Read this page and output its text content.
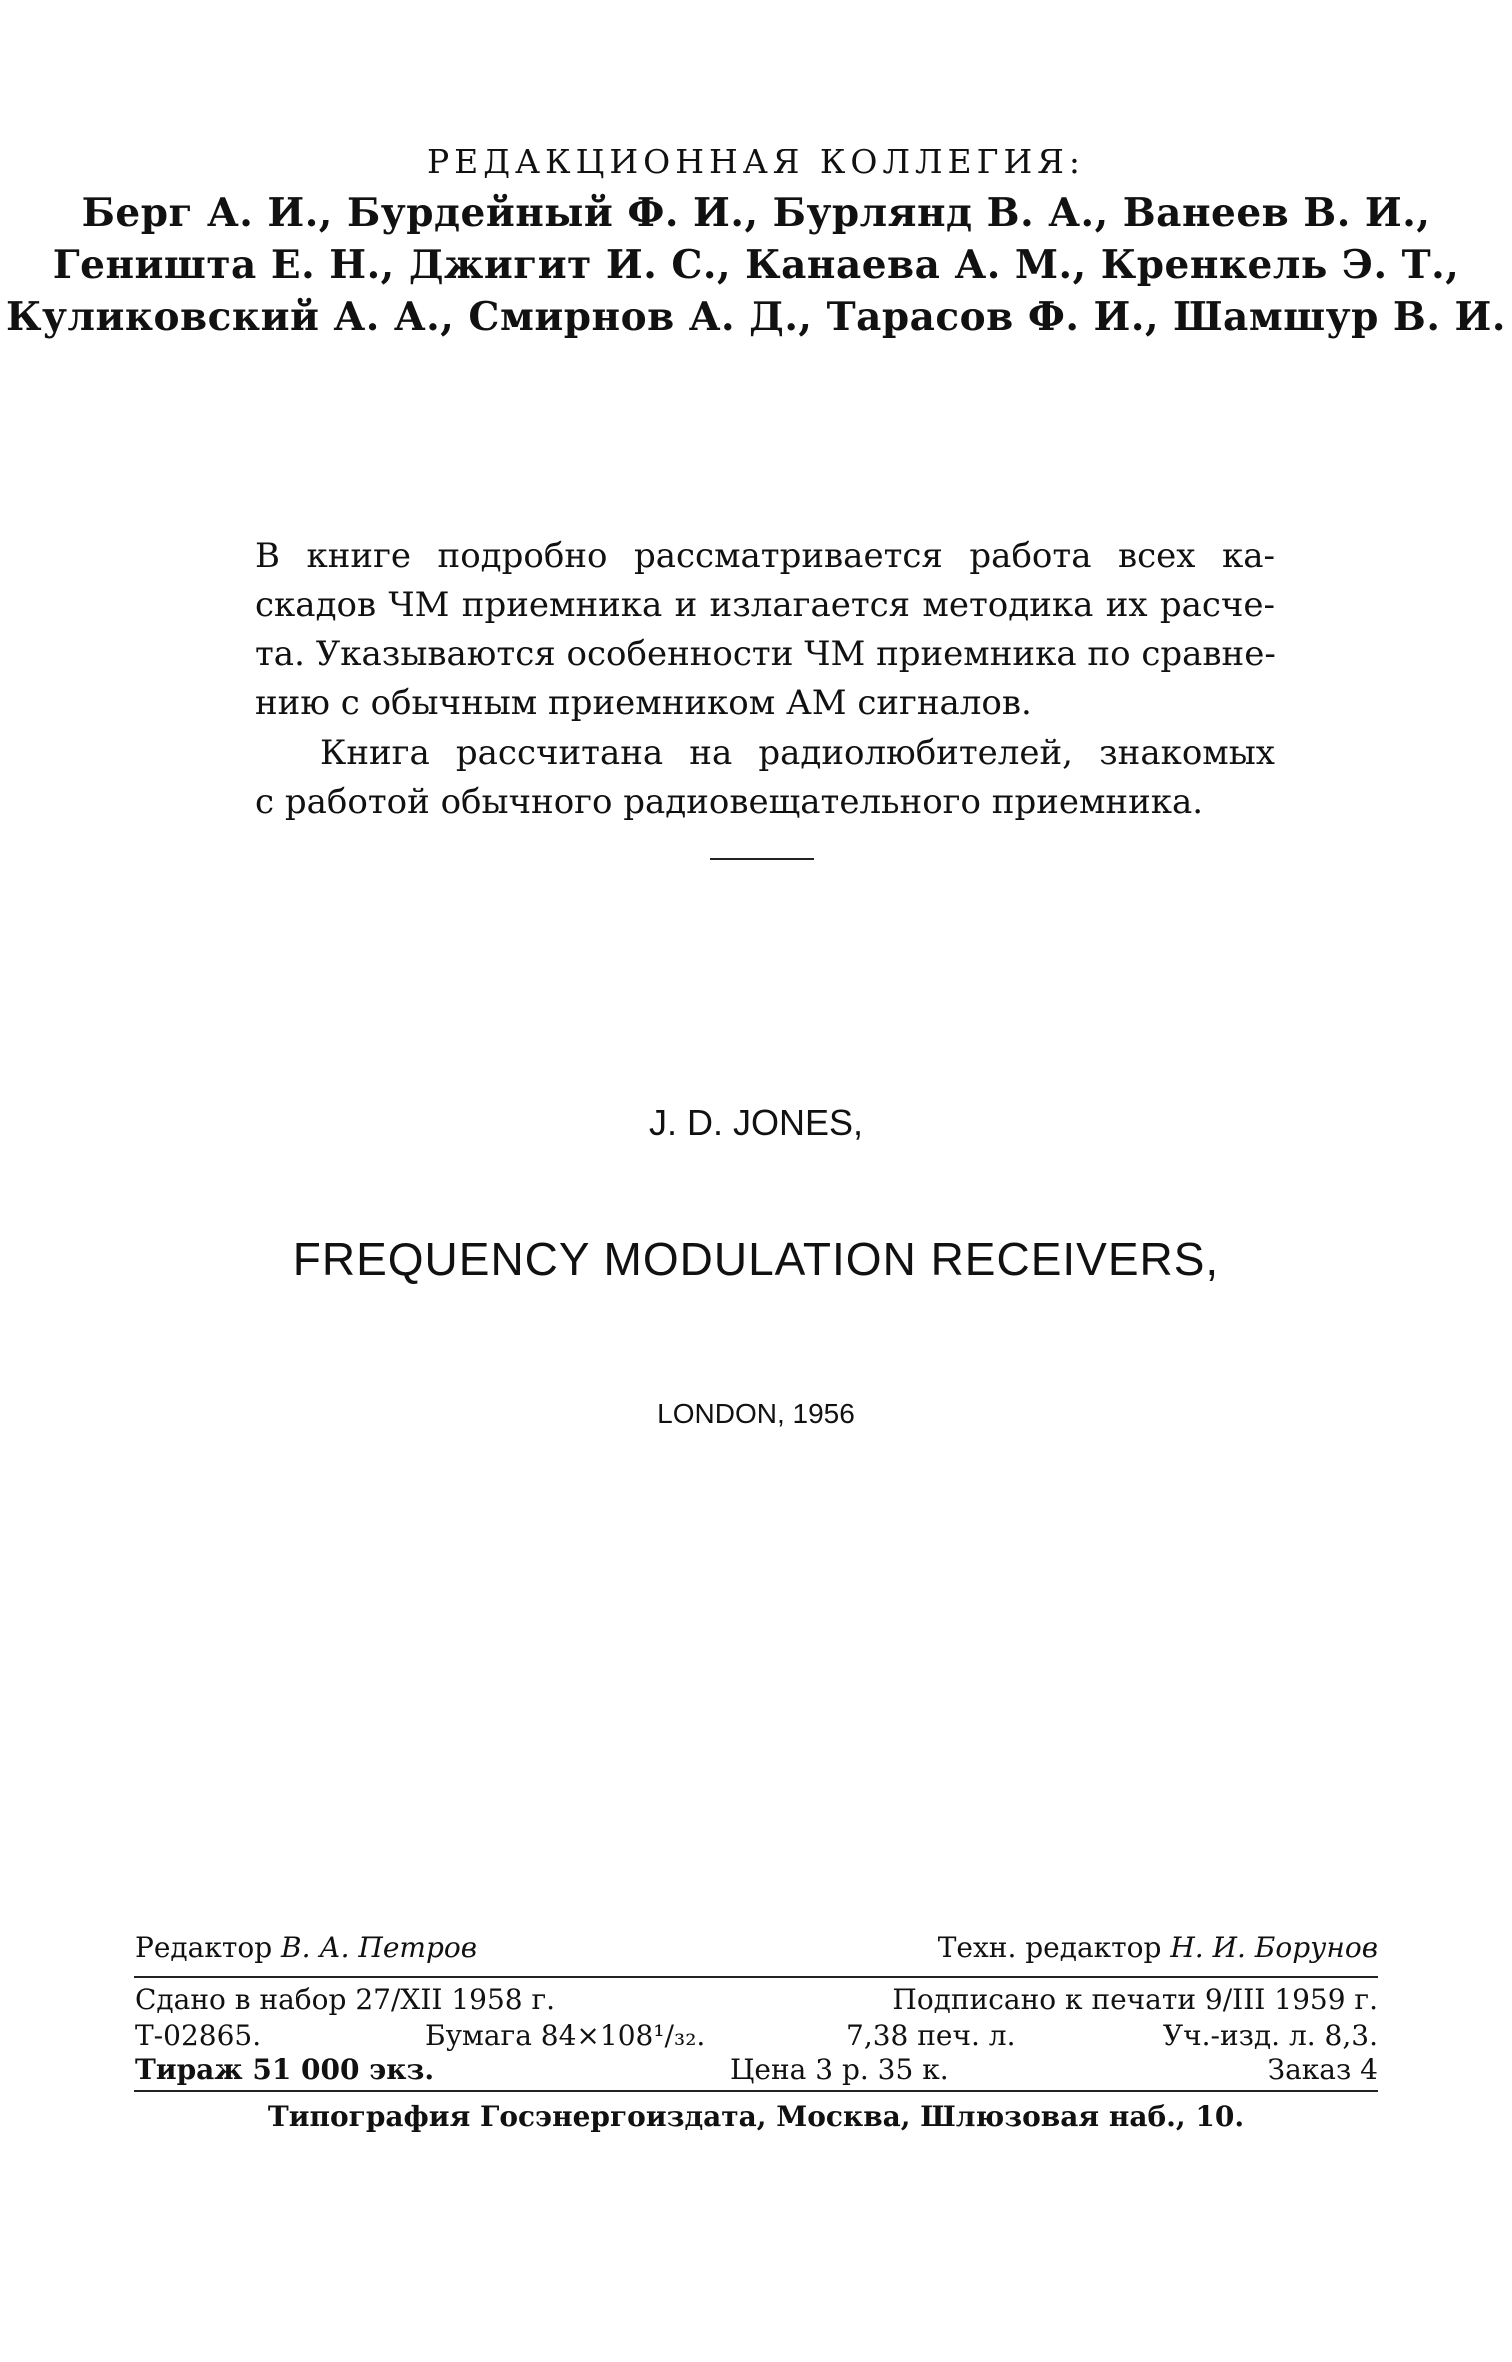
РЕДАКЦИОННАЯ КОЛЛЕГИЯ:
Берг А. И., Бурдейный Ф. И., Бурлянд В. А., Ванеев В. И.,
Геништа Е. Н., Джигит И. С., Канаева А. М., Кренкель Э. Т.,
Куликовский А. А., Смирнов А. Д., Тарасов Ф. И., Шамшур В. И.
В книге подробно рассматривается работа всех ка-
скадов ЧМ приемника и излагается методика их расче-
та. Указываются особенности ЧМ приемника по сравне-
нию с обычным приемником АМ сигналов.
Книга рассчитана на радиолюбителей, знакомых
с работой обычного радиовещательного приемника.
J. D. JONES,
FREQUENCY MODULATION RECEIVERS,
LONDON, 1956
Редактор В. А. Петров	Техн. редактор Н. И. Борунов
Сдано в набор 27/XII 1958 г.	Подписано к печати 9/III 1959 г.
Т-02865.	Бумага 84×108¹/₃₂.	7,38 печ. л.	Уч.-изд. л. 8,3.
Тираж 51 000 экз.	Цена 3 р. 35 к.	Заказ 4
Типография Госэнергоиздата, Москва, Шлюзовая наб., 10.
